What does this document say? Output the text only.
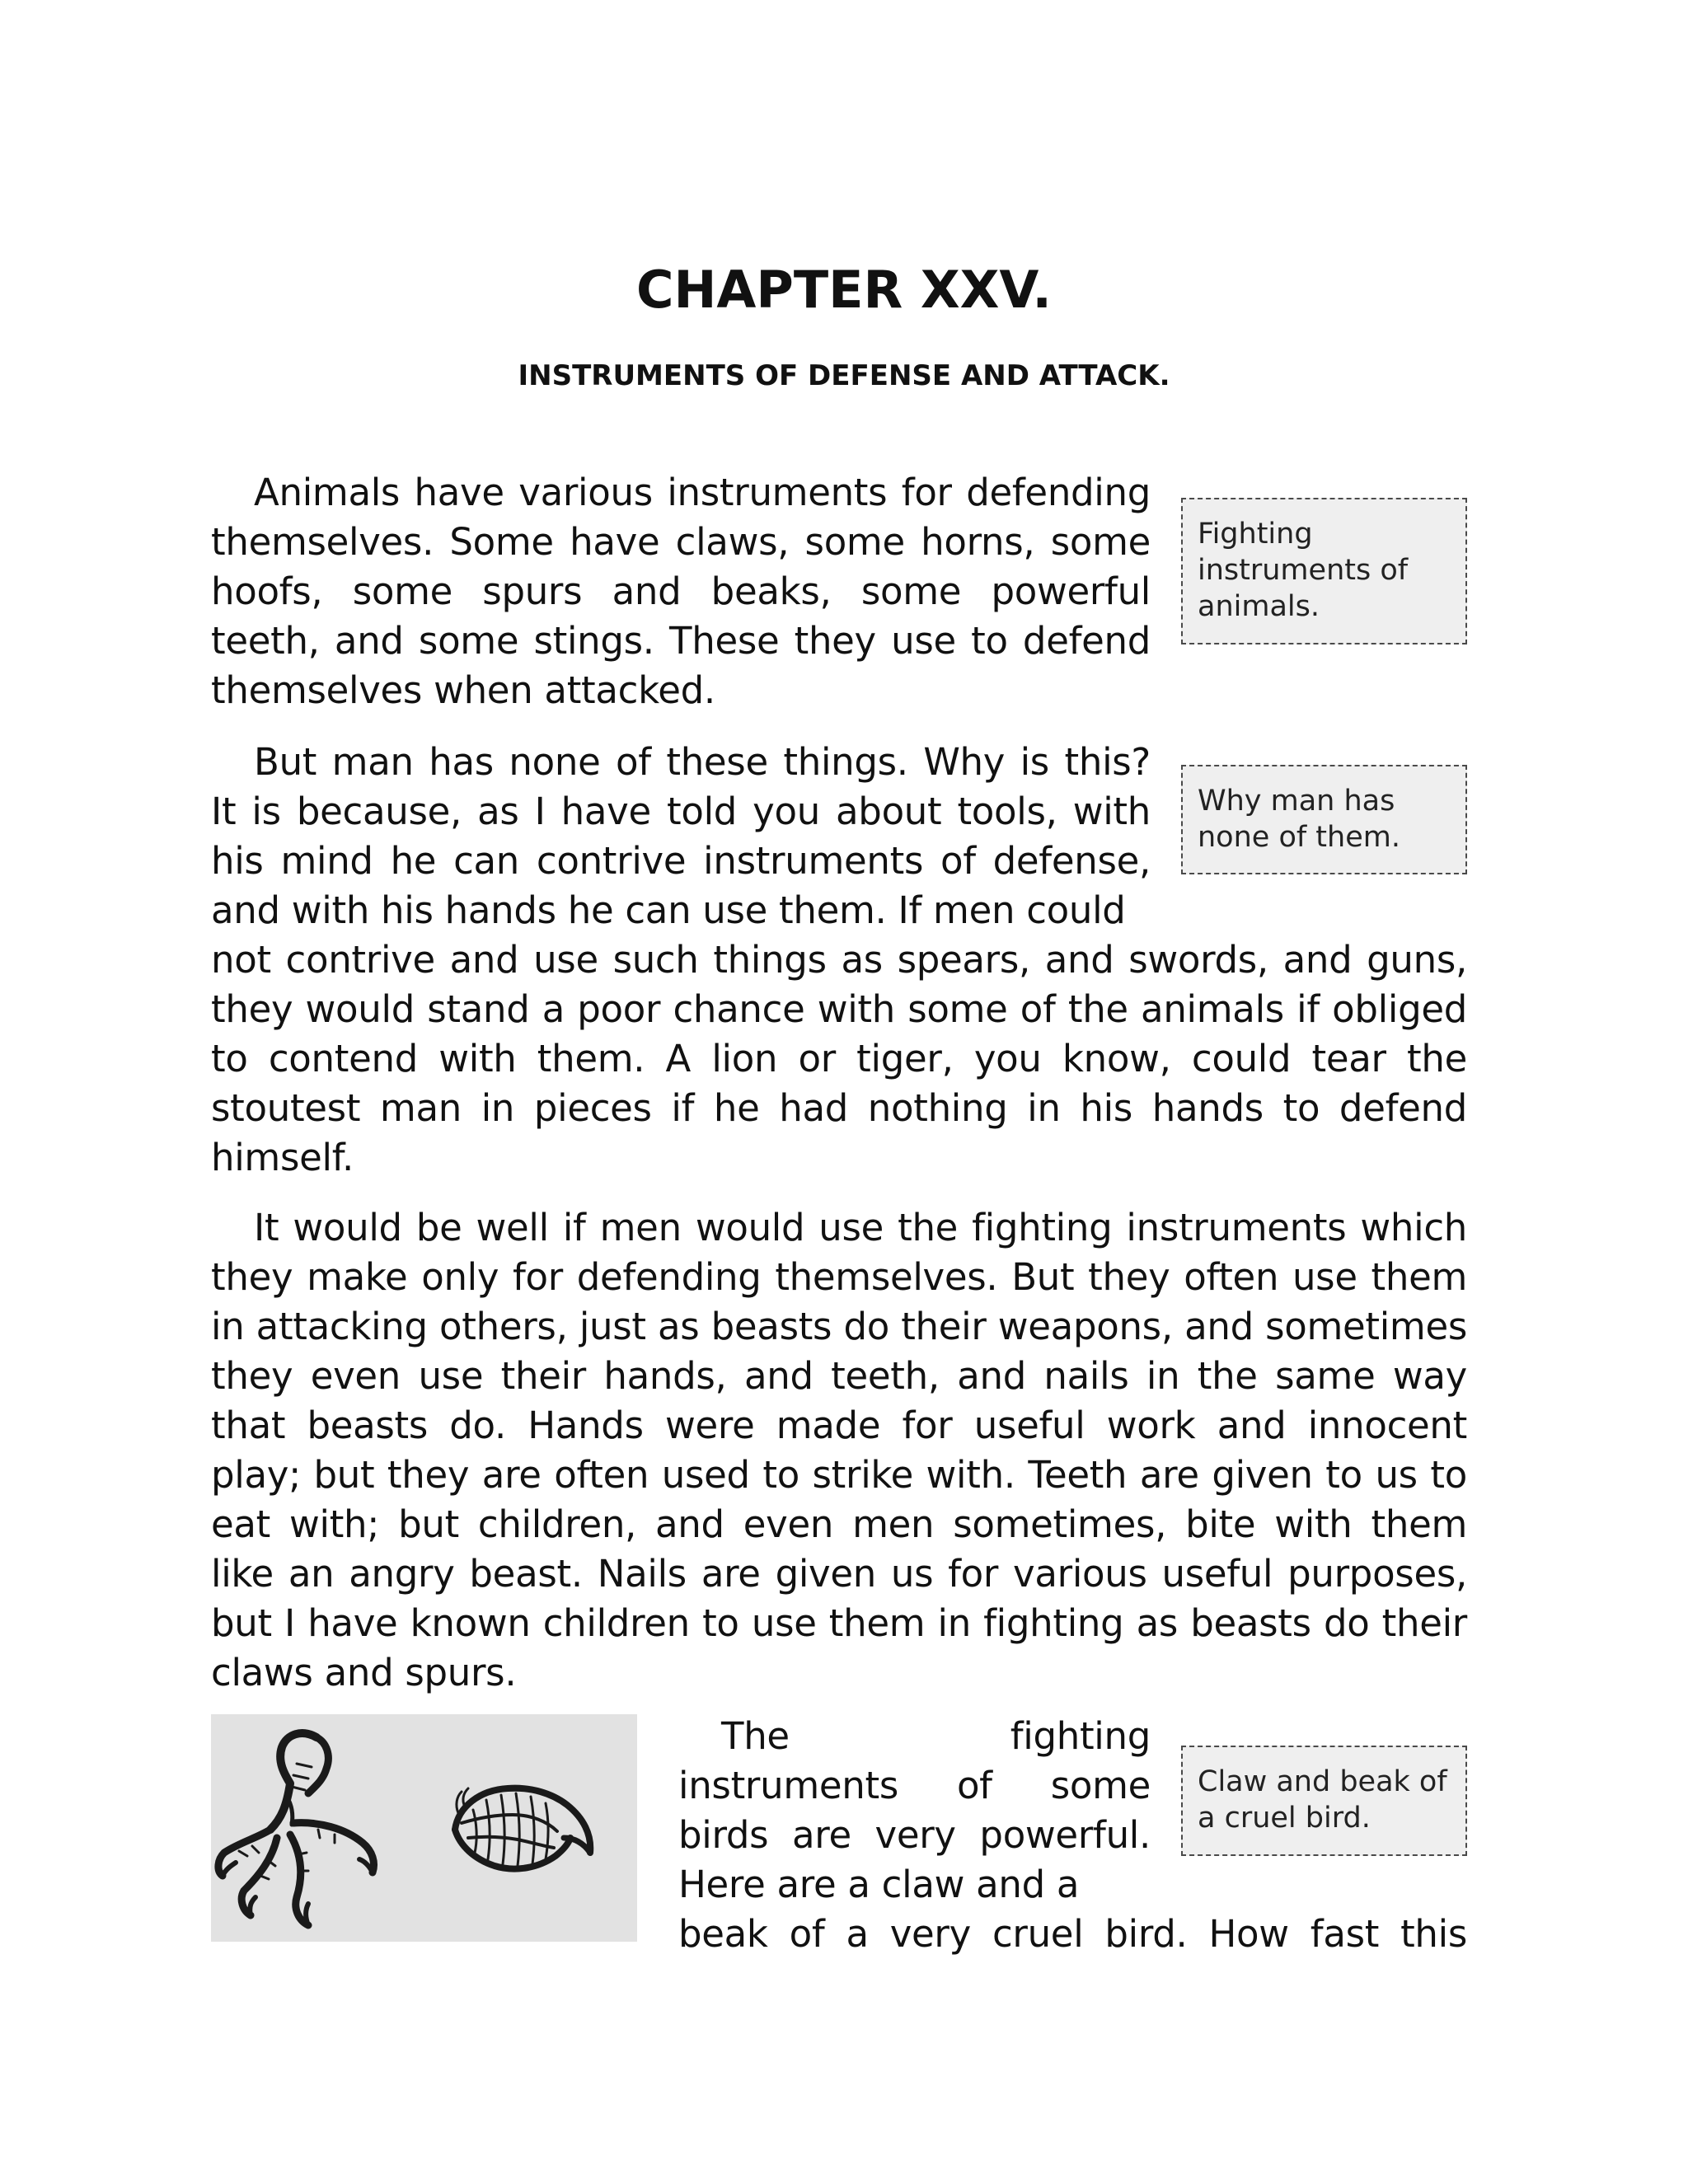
CHAPTER XXV.
INSTRUMENTS OF DEFENSE AND ATTACK.

Animals have various instruments for defending themselves. Some have claws, some horns, some hoofs, some spurs and beaks, some powerful teeth, and some stings. These they use to defend themselves when attacked.

Fighting instruments of animals.

But man has none of these things. Why is this? It is because, as I have told you about tools, with his mind he can contrive instruments of defense, and with his hands he can use them. If men could

Why man has none of them.

not contrive and use such things as spears, and swords, and guns, they would stand a poor chance with some of the animals if obliged to contend with them. A lion or tiger, you know, could tear the stoutest man in pieces if he had nothing in his hands to defend himself.

It would be well if men would use the fighting instruments which they make only for defending themselves. But they often use them in attacking others, just as beasts do their weapons, and sometimes they even use their hands, and teeth, and nails in the same way that beasts do. Hands were made for useful work and innocent play; but they are often used to strike with. Teeth are given to us to eat with; but children, and even men sometimes, bite with them like an angry beast. Nails are given us for various useful purposes, but I have known children to use them in fighting as beasts do their claws and spurs.

The fighting instruments of some birds are very powerful. Here are a claw and a

Claw and beak of a cruel bird.

beak of a very cruel bird. How fast this
